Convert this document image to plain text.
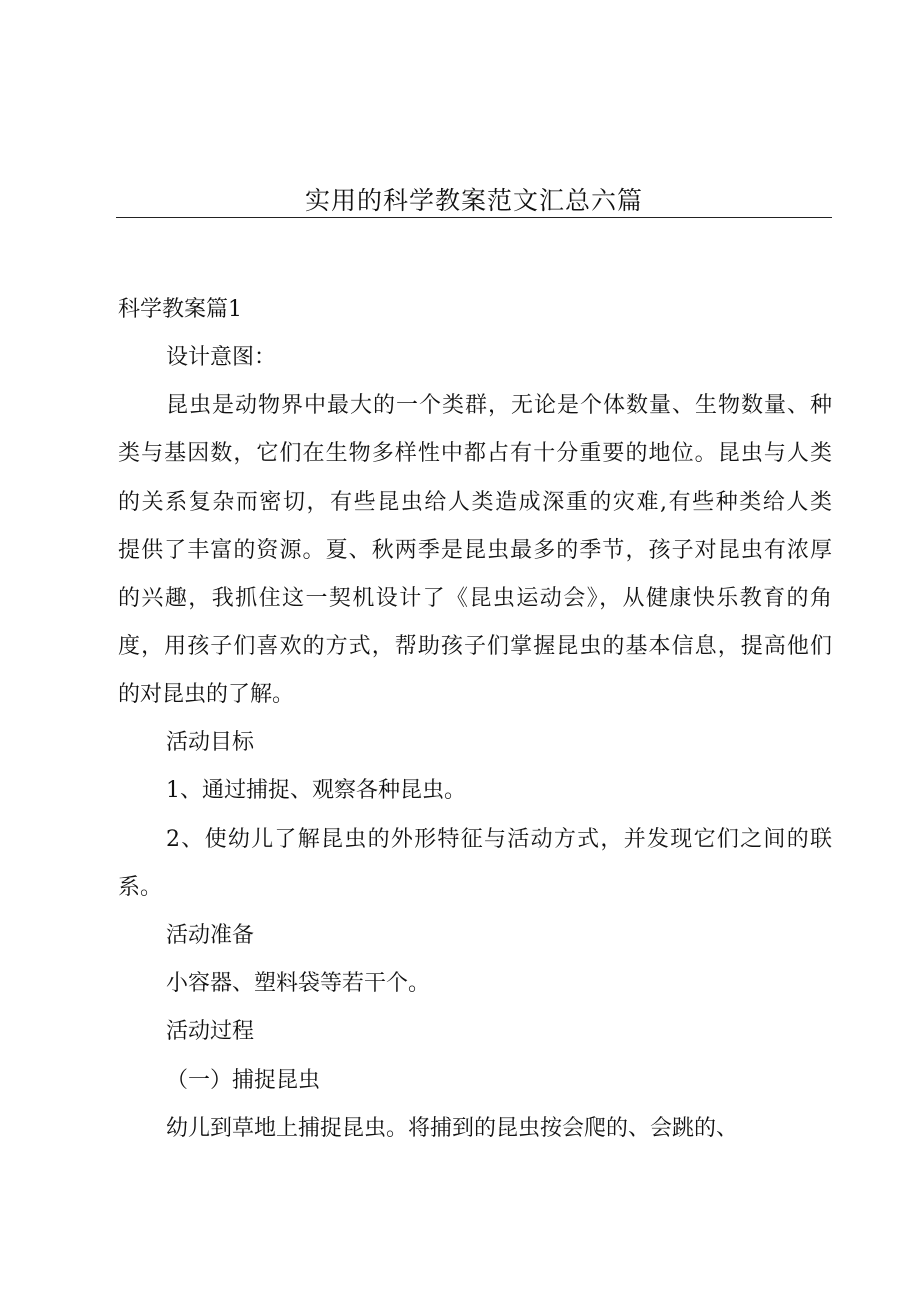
实用的科学教案范文汇总六篇
科学教案篇1
设计意图：
昆虫是动物界中最大的一个类群，无论是个体数量、生物数量、种
类与基因数，它们在生物多样性中都占有十分重要的地位。昆虫与人类
的关系复杂而密切，有些昆虫给人类造成深重的灾难,有些种类给人类
提供了丰富的资源。夏、秋两季是昆虫最多的季节，孩子对昆虫有浓厚
的兴趣，我抓住这一契机设计了《昆虫运动会》，从健康快乐教育的角
度，用孩子们喜欢的方式，帮助孩子们掌握昆虫的基本信息，提高他们
的对昆虫的了解。
活动目标
1、通过捕捉、观察各种昆虫。
2、使幼儿了解昆虫的外形特征与活动方式，并发现它们之间的联
系。
活动准备
小容器、塑料袋等若干个。
活动过程
（一）捕捉昆虫
幼儿到草地上捕捉昆虫。将捕到的昆虫按会爬的、会跳的、
